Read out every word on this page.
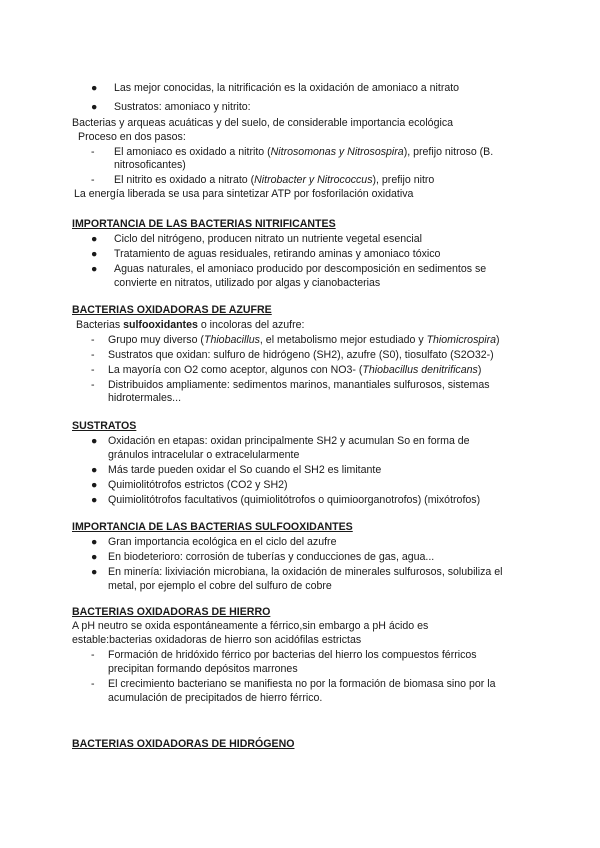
● Las mejor conocidas, la nitrificación es la oxidación de amoniaco a nitrato
● Sustratos: amoniaco y nitrito:
Bacterias y arqueas acuáticas y del suelo, de considerable importancia ecológica
Proceso en dos pasos:
- El amoniaco es oxidado a nitrito (Nitrosomonas y Nitrosospira), prefijo nitroso (B.
nitrosoficantes)
- El nitrito es oxidado a nitrato (Nitrobacter y Nitrococcus), prefijo nitro
La energía liberada se usa para sintetizar ATP por fosforilación oxidativa
IMPORTANCIA DE LAS BACTERIAS NITRIFICANTES
● Ciclo del nitrógeno, producen nitrato un nutriente vegetal esencial
● Tratamiento de aguas residuales, retirando aminas y amoniaco tóxico
● Aguas naturales, el amoniaco producido por descomposición en sedimentos se
convierte en nitratos, utilizado por algas y cianobacterias
BACTERIAS OXIDADORAS DE AZUFRE
Bacterias sulfooxidantes o incoloras del azufre:
- Grupo muy diverso (Thiobacillus, el metabolismo mejor estudiado y Thiomicrospira)
- Sustratos que oxidan: sulfuro de hidrógeno (SH2), azufre (S0), tiosulfato (S2O32-)
- La mayoría con O2 como aceptor, algunos con NO3- (Thiobacillus denitrificans)
- Distribuidos ampliamente: sedimentos marinos, manantiales sulfurosos, sistemas
hidrotermales...
SUSTRATOS
● Oxidación en etapas: oxidan principalmente SH2 y acumulan So en forma de
gránulos intracelular o extracelularmente
● Más tarde pueden oxidar el So cuando el SH2 es limitante
● Quimiolitótrofos estrictos (CO2 y SH2)
● Quimiolitótrofos facultativos (quimiolitótrofos o quimioorganotrofos) (mixótrofos)
IMPORTANCIA DE LAS BACTERIAS SULFOOXIDANTES
● Gran importancia ecológica en el ciclo del azufre
● En biodeterioro: corrosión de tuberías y conducciones de gas, agua...
● En minería: lixiviación microbiana, la oxidación de minerales sulfurosos, solubiliza el
metal, por ejemplo el cobre del sulfuro de cobre
BACTERIAS OXIDADORAS DE HIERRO
A pH neutro se oxida espontáneamente a férrico,sin embargo a pH ácido es
estable:bacterias oxidadoras de hierro son acidófilas estrictas
- Formación de hridóxido férrico por bacterias del hierro los compuestos férricos
precipitan formando depósitos marrones
- El crecimiento bacteriano se manifiesta no por la formación de biomasa sino por la
acumulación de precipitados de hierro férrico.
BACTERIAS OXIDADORAS DE HIDRÓGENO
